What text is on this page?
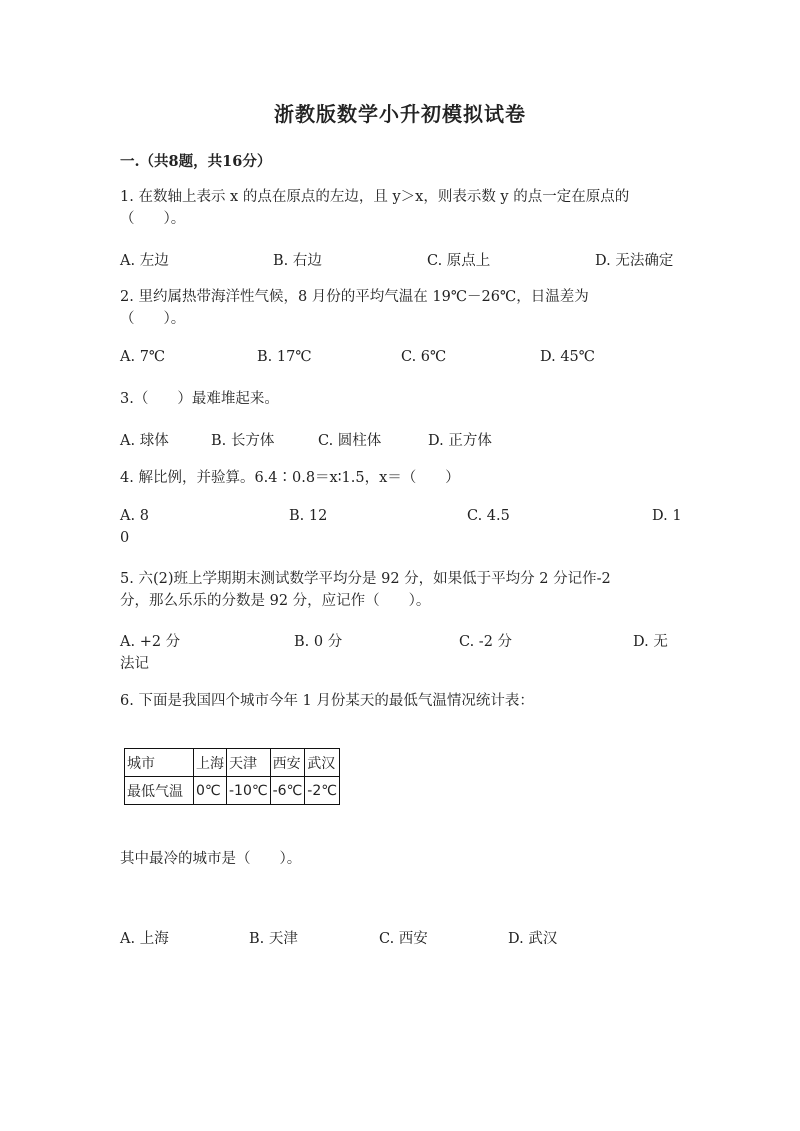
浙教版数学小升初模拟试卷
一.（共8题，共16分）
1. 在数轴上表示 x 的点在原点的左边，且 y＞x，则表示数 y 的点一定在原点的
（　　）。
A. 左边	B. 右边	C. 原点上	D. 无法确定
2. 里约属热带海洋性气候，8 月份的平均气温在 19℃－26℃，日温差为
（　　）。
A. 7℃	B. 17℃	C. 6℃	D. 45℃
3.（　　）最难堆起来。
A. 球体	B. 长方体	C. 圆柱体	D. 正方体
4. 解比例，并验算。6.4∶0.8＝x∶1.5，x＝（　　）
A. 8	B. 12	C. 4.5	D. 1
0
5. 六(2)班上学期期末测试数学平均分是 92 分，如果低于平均分 2 分记作-2
分，那么乐乐的分数是 92 分，应记作（　　）。
A. +2 分	B. 0 分	C. -2 分	D. 无
法记
6. 下面是我国四个城市今年 1 月份某天的最低气温情况统计表：
城市	上海	天津	西安	武汉
最低气温	0℃	-10℃	-6℃	-2℃
其中最冷的城市是（　　）。
A. 上海	B. 天津	C. 西安	D. 武汉
